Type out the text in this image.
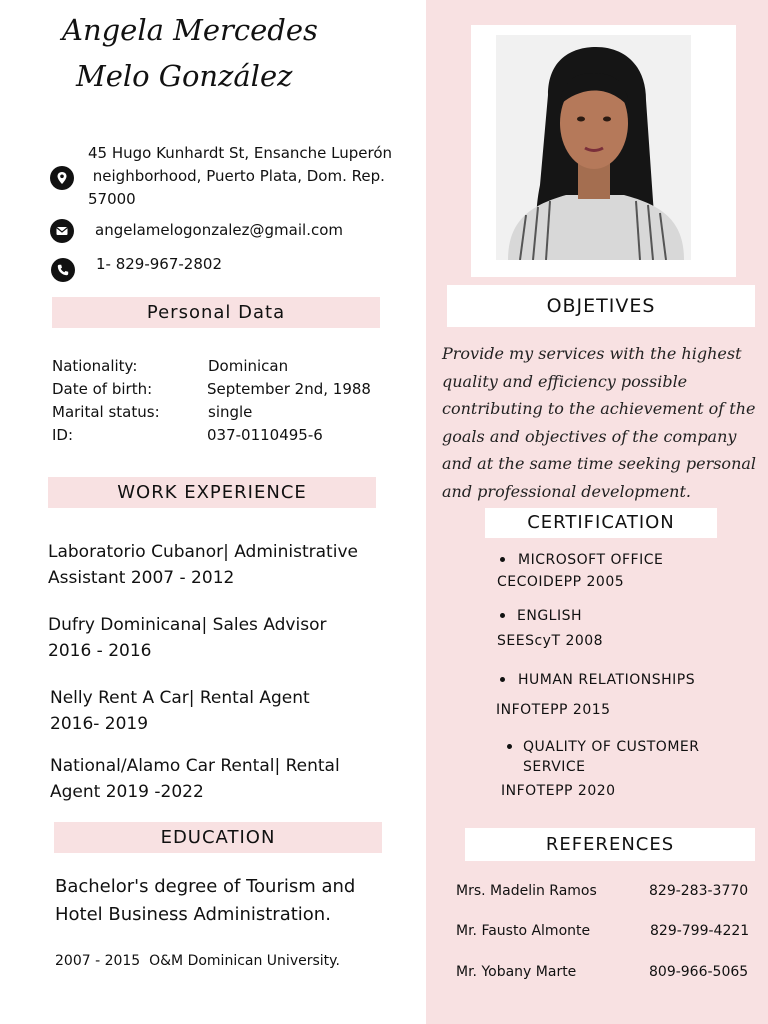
Angela Mercedes
Melo González
45 Hugo Kunhardt St, Ensanche Luperón
neighborhood, Puerto Plata, Dom. Rep.
57000
angelamelogonzalez@gmail.com
1- 829-967-2802
Personal Data
Nationality:	Dominican
Date of birth:	September 2nd, 1988
Marital status:	single
ID:	037-0110495-6
WORK EXPERIENCE
Laboratorio Cubanor| Administrative
Assistant 2007 - 2012
Dufry Dominicana| Sales Advisor
2016 - 2016
Nelly Rent A Car| Rental Agent
2016- 2019
National/Alamo Car Rental| Rental
Agent 2019 -2022
EDUCATION
Bachelor's degree of Tourism and
Hotel Business Administration.
2007 - 2015  O&M Dominican University.
OBJETIVES
Provide my services with the highest quality and efficiency possible contributing to the achievement of the goals and objectives of the company and at the same time seeking personal and professional development.
CERTIFICATION
MICROSOFT OFFICE
CECOIDEPP 2005
ENGLISH
SEEScyT 2008
HUMAN RELATIONSHIPS
INFOTEPP 2015
QUALITY OF CUSTOMER
SERVICE
INFOTEPP 2020
REFERENCES
Mrs. Madelin Ramos	829-283-3770
Mr. Fausto Almonte	829-799-4221
Mr. Yobany Marte	809-966-5065
